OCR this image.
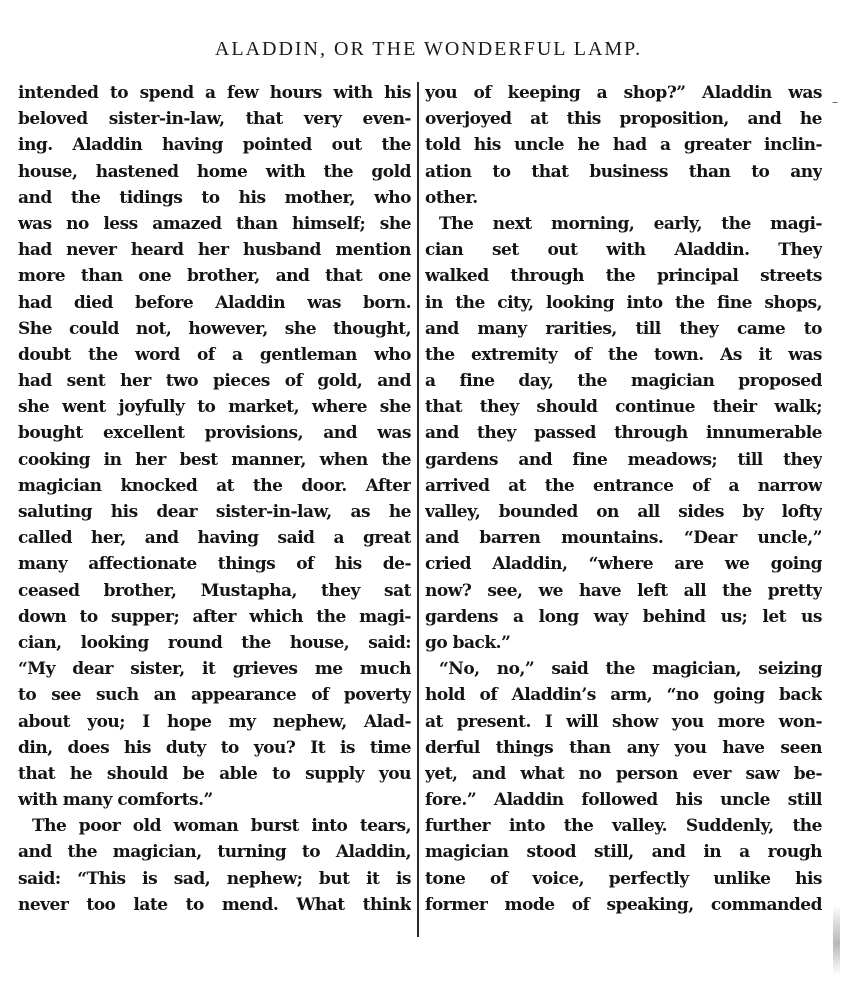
ALADDIN, OR THE WONDERFUL LAMP.
intended to spend a few hours with his
beloved sister-in-law, that very even-
ing. Aladdin having pointed out the
house, hastened home with the gold
and the tidings to his mother, who
was no less amazed than himself; she
had never heard her husband mention
more than one brother, and that one
had died before Aladdin was born.
She could not, however, she thought,
doubt the word of a gentleman who
had sent her two pieces of gold, and
she went joyfully to market, where she
bought excellent provisions, and was
cooking in her best manner, when the
magician knocked at the door. After
saluting his dear sister-in-law, as he
called her, and having said a great
many affectionate things of his de-
ceased brother, Mustapha, they sat
down to supper; after which the magi-
cian, looking round the house, said:
“My dear sister, it grieves me much
to see such an appearance of poverty
about you; I hope my nephew, Alad-
din, does his duty to you? It is time
that he should be able to supply you
with many comforts.”
The poor old woman burst into tears,
and the magician, turning to Aladdin,
said: “This is sad, nephew; but it is
never too late to mend. What think
you of keeping a shop?” Aladdin was
overjoyed at this proposition, and he
told his uncle he had a greater inclin-
ation to that business than to any
other.
The next morning, early, the magi-
cian set out with Aladdin. They
walked through the principal streets
in the city, looking into the fine shops,
and many rarities, till they came to
the extremity of the town. As it was
a fine day, the magician proposed
that they should continue their walk;
and they passed through innumerable
gardens and fine meadows; till they
arrived at the entrance of a narrow
valley, bounded on all sides by lofty
and barren mountains. “Dear uncle,”
cried Aladdin, “where are we going
now? see, we have left all the pretty
gardens a long way behind us; let us
go back.”
“No, no,” said the magician, seizing
hold of Aladdin’s arm, “no going back
at present. I will show you more won-
derful things than any you have seen
yet, and what no person ever saw be-
fore.” Aladdin followed his uncle still
further into the valley. Suddenly, the
magician stood still, and in a rough
tone of voice, perfectly unlike his
former mode of speaking, commanded
–
